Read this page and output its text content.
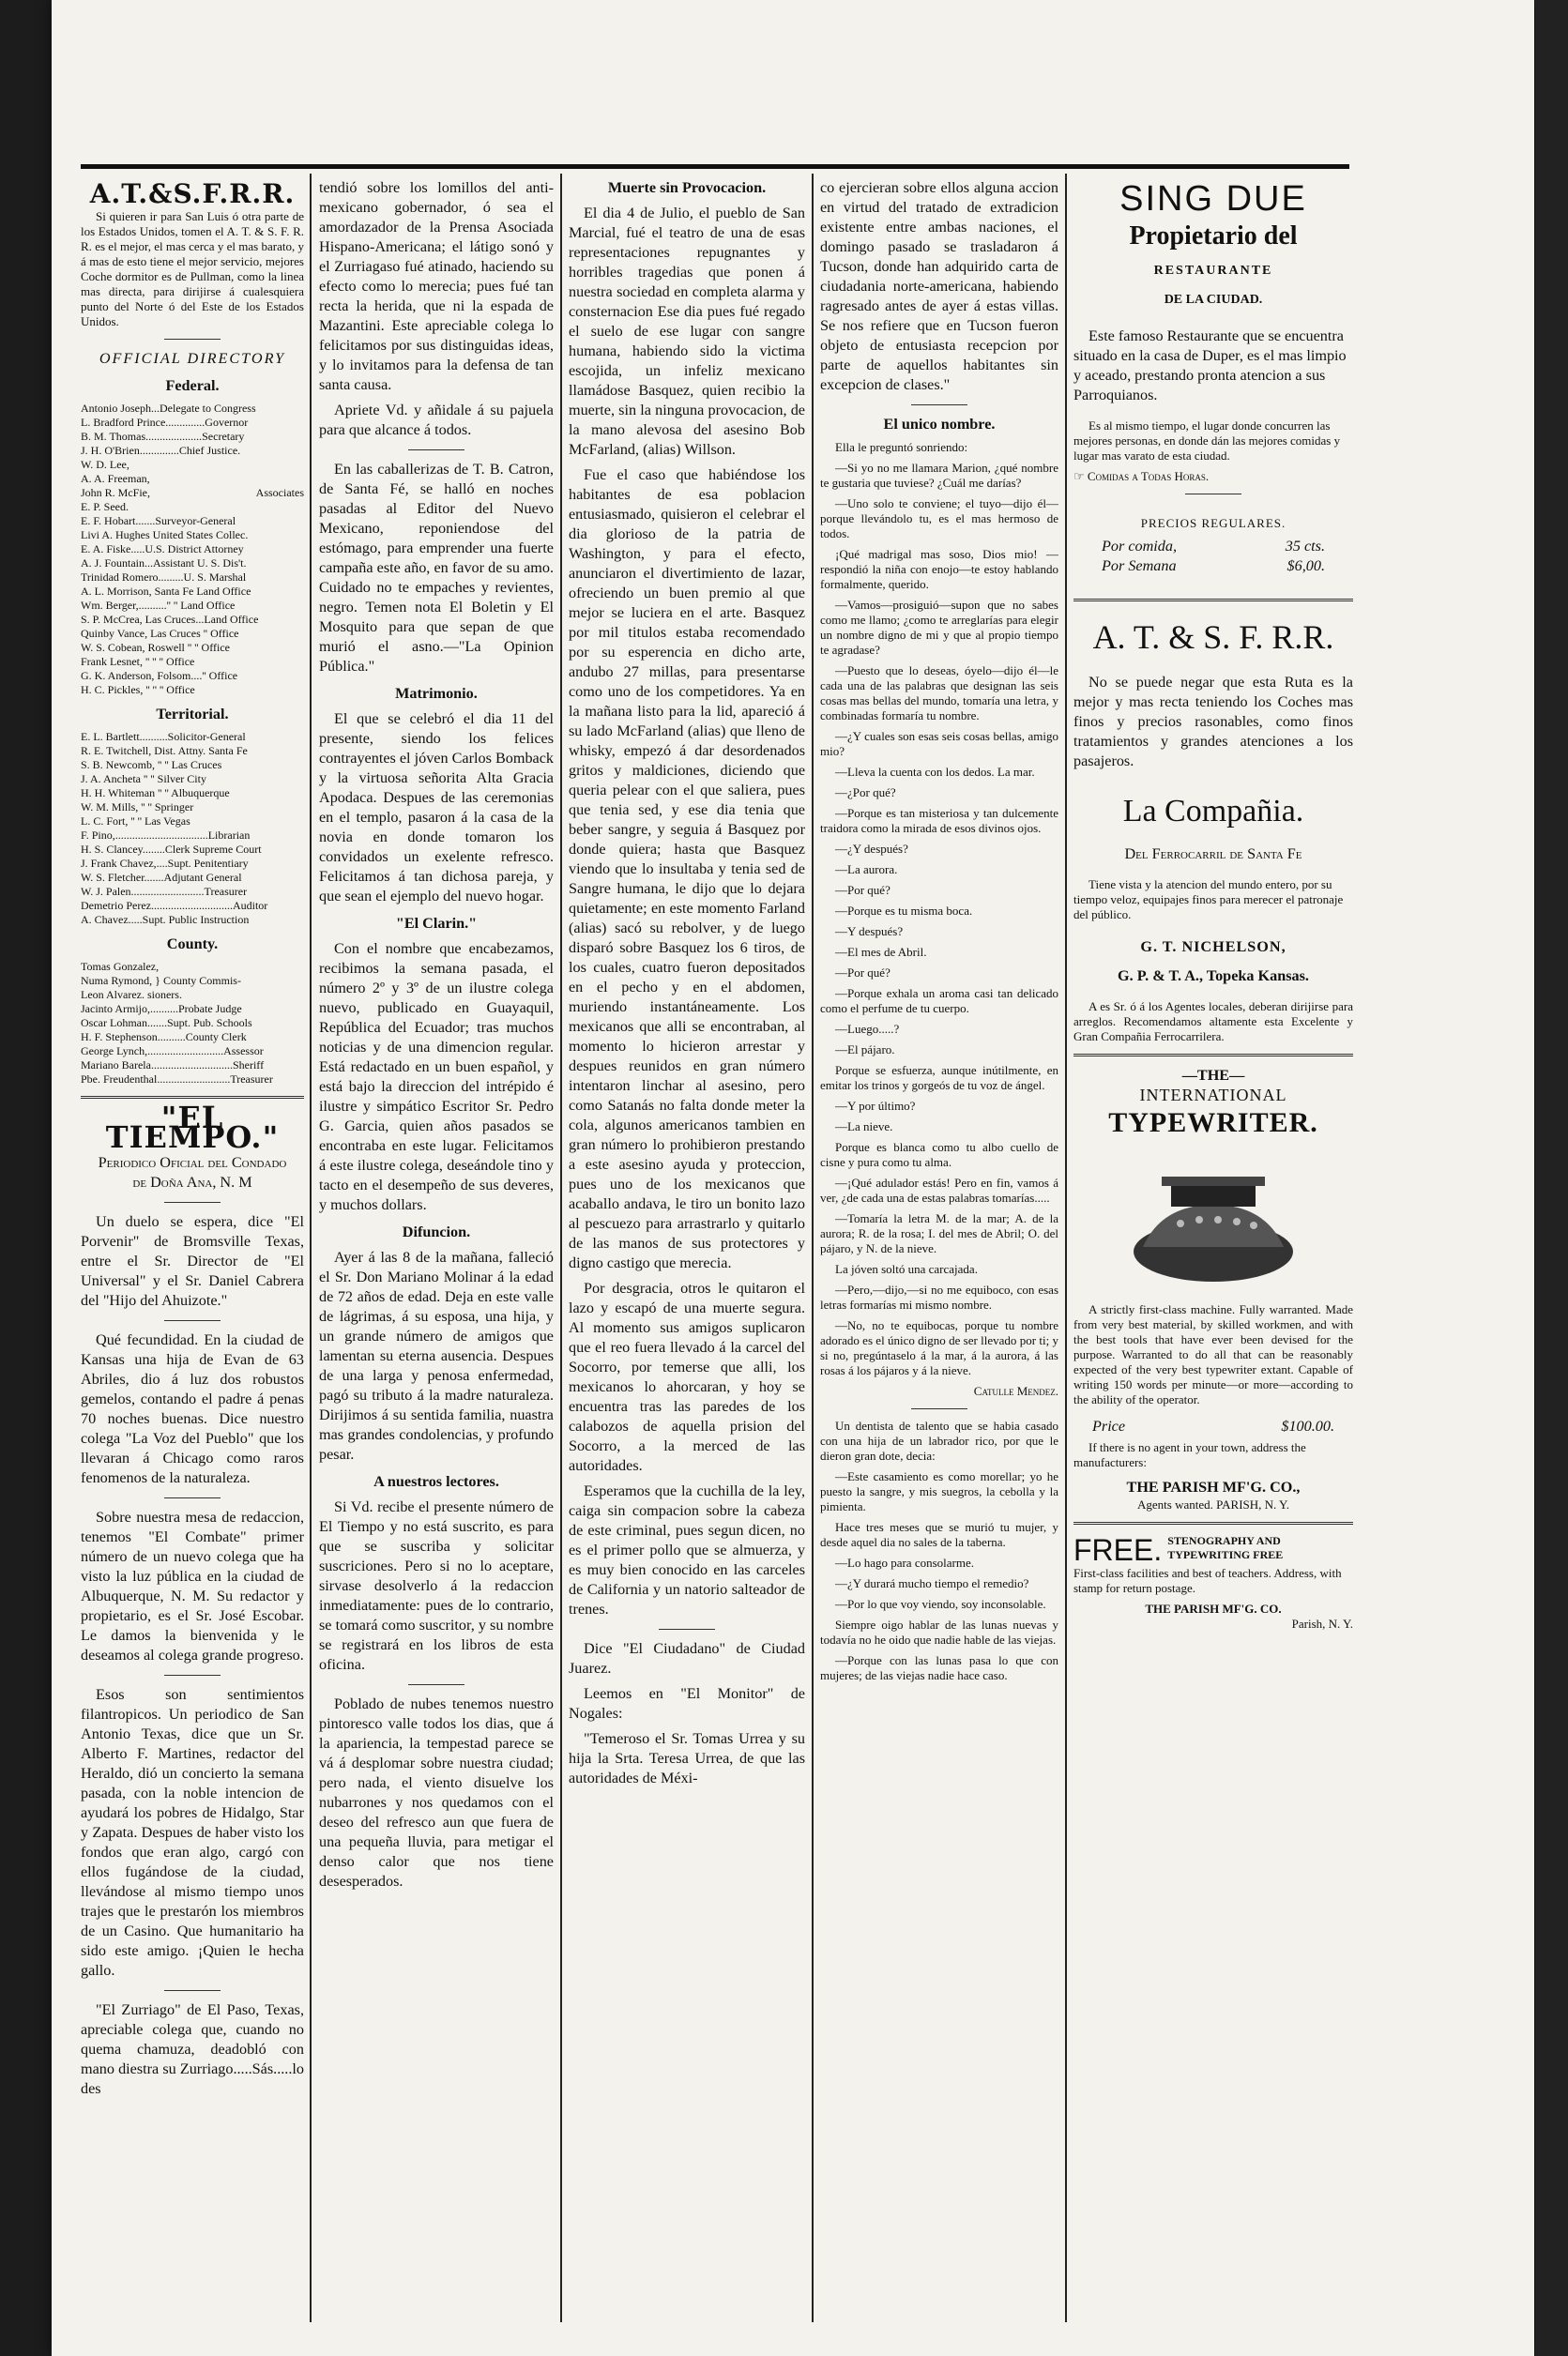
A.T.&S.F.R.R.

Si quieren ir para San Luis ó otra parte de los Estados Unidos, tomen el A. T. & S. F. R. R. es el mejor, el mas cerca y el mas barato, y á mas de esto tiene el mejor servicio, mejores Coche dormitor es de Pullman, como la linea mas directa, para dirijirse á cualesquiera punto del Norte ó del Este de los Estados Unidos.

OFFICIAL DIRECTORY
Federal.
Antonio Joseph...Delegate to Congress
L. Bradford Prince..............Governor
B. M. Thomas....................Secretary
J. H. O'Brien..............Chief Justice.
W. D. Lee,
A. A. Freeman,
John R. McFie,	Associates
E. P. Seed.
E. F. Hobart.......Surveyor-General
Livi A. Hughes United States Collec.
E. A. Fiske.....U.S. District Attorney
A. J. Fountain...Assistant U. S. Dis't.
Trinidad Romero.........U. S. Marshal
A. L. Morrison, Santa Fe Land Office
Wm. Berger,..........'' '' Land Office
S. P. McCrea, Las Cruces...Land Office
Quinby Vance, Las Cruces '' Office
W. S. Cobean, Roswell '' '' Office
Frank Lesnet, '' '' '' Office
G. K. Anderson, Folsom....'' Office
H. C. Pickles, '' '' '' Office
Territorial.
E. L. Bartlett..........Solicitor-General
R. E. Twitchell, Dist. Attny. Santa Fe
S. B. Newcomb, '' '' Las Cruces
J. A. Ancheta '' '' Silver City
H. H. Whiteman '' '' Albuquerque
W. M. Mills, '' '' Springer
L. C. Fort, '' '' Las Vegas
F. Pino,.................................Librarian
H. S. Clancey........Clerk Supreme Court
J. Frank Chavez,....Supt. Penitentiary
W. S. Fletcher.......Adjutant General
W. J. Palen..........................Treasurer
Demetrio Perez.............................Auditor
A. Chavez.....Supt. Public Instruction
County.
Tomas Gonzalez,
Numa Rymond, } County Commis-
Leon Alvarez. sioners.
Jacinto Armijo,..........Probate Judge
Oscar Lohman.......Supt. Pub. Schools
H. F. Stephenson..........County Clerk
George Lynch,...........................Assessor
Mariano Barela.............................Sheriff
Pbe. Freudenthal..........................Treasurer
"EL TIEMPO."
Periodico Oficial del Condado
de Doña Ana, N. M

Un duelo se espera, dice "El Porvenir" de Bromsville Texas, entre el Sr. Director de "El Universal" y el Sr. Daniel Cabrera del "Hijo del Ahuizote."

Qué fecundidad. En la ciudad de Kansas una hija de Evan de 63 Abriles, dio á luz dos robustos gemelos, contando el padre á penas 70 noches buenas. Dice nuestro colega "La Voz del Pueblo" que los llevaran á Chicago como raros fenomenos de la naturaleza.

Sobre nuestra mesa de redaccion, tenemos "El Combate" primer número de un nuevo colega que ha visto la luz pública en la ciudad de Albuquerque, N. M. Su redactor y propietario, es el Sr. José Escobar. Le damos la bienvenida y le deseamos al colega grande progreso.

Esos son sentimientos filantropicos. Un periodico de San Antonio Texas, dice que un Sr. Alberto F. Martines, redactor del Heraldo, dió un concierto la semana pasada, con la noble intencion de ayudará los pobres de Hidalgo, Star y Zapata. Despues de haber visto los fondos que eran algo, cargó con ellos fugándose de la ciudad, llevándose al mismo tiempo unos trajes que le prestarón los miembros de un Casino. Que humanitario ha sido este amigo. ¡Quien le hecha gallo.

"El Zurriago" de El Paso, Texas, apreciable colega que, cuando no quema chamuza, deadobló con mano diestra su Zurriago.....Sás.....lo des

tendió sobre los lomillos del anti-mexicano gobernador, ó sea el amordazador de la Prensa Asociada Hispano-Americana; el látigo sonó y el Zurriagaso fué atinado, haciendo su efecto como lo merecia; pues fué tan recta la herida, que ni la espada de Mazantini. Este apreciable colega lo felicitamos por sus distinguidas ideas, y lo invitamos para la defensa de tan santa causa.

Apriete Vd. y añidale á su pajuela para que alcance á todos.

En las caballerizas de T. B. Catron, de Santa Fé, se halló en noches pasadas al Editor del Nuevo Mexicano, reponiendose del estómago, para emprender una fuerte campaña este año, en favor de su amo. Cuidado no te empaches y revientes, negro. Temen nota El Boletin y El Mosquito para que sepan de que murió el asno.—"La Opinion Pública."

Matrimonio.

El que se celebró el dia 11 del presente, siendo los felices contrayentes el jóven Carlos Bomback y la virtuosa señorita Alta Gracia Apodaca. Despues de las ceremonias en el templo, pasaron á la casa de la novia en donde tomaron los convidados un exelente refresco. Felicitamos á tan dichosa pareja, y que sean el ejemplo del nuevo hogar.

"El Clarin."

Con el nombre que encabezamos, recibimos la semana pasada, el número 2º y 3º de un ilustre colega nuevo, publicado en Guayaquil, República del Ecuador; tras muchos noticias y de una dimencion regular. Está redactado en un buen español, y está bajo la direccion del intrépido é ilustre y simpático Escritor Sr. Pedro G. Garcia, quien años pasados se encontraba en este lugar. Felicitamos á este ilustre colega, deseándole tino y tacto en el desempeño de sus deveres, y muchos dollars.

Difuncion.

Ayer á las 8 de la mañana, falleció el Sr. Don Mariano Molinar á la edad de 72 años de edad. Deja en este valle de lágrimas, á su esposa, una hija, y un grande número de amigos que lamentan su eterna ausencia. Despues de una larga y penosa enfermedad, pagó su tributo á la madre naturaleza. Dirijimos á su sentida familia, nuastra mas grandes condolencias, y profundo pesar.

A nuestros lectores.

Si Vd. recibe el presente número de El Tiempo y no está suscrito, es para que se suscriba y solicitar suscriciones. Pero si no lo aceptare, sirvase desolverlo á la redaccion inmediatamente: pues de lo contrario, se tomará como suscritor, y su nombre se registrará en los libros de esta oficina.

Poblado de nubes tenemos nuestro pintoresco valle todos los dias, que á la apariencia, la tempestad parece se vá á desplomar sobre nuestra ciudad; pero nada, el viento disuelve los nubarrones y nos quedamos con el deseo del refresco aun que fuera de una pequeña lluvia, para metigar el denso calor que nos tiene desesperados.

Muerte sin Provocacion.

El dia 4 de Julio, el pueblo de San Marcial, fué el teatro de una de esas representaciones repugnantes y horribles tragedias que ponen á nuestra sociedad en completa alarma y consternacion Ese dia pues fué regado el suelo de ese lugar con sangre humana, habiendo sido la victima escojida, un infeliz mexicano llamádose Basquez, quien recibio la muerte, sin la ninguna provocacion, de la mano alevosa del asesino Bob McFarland, (alias) Willson.

Fue el caso que habiéndose los habitantes de esa poblacion entusiasmado, quisieron el celebrar el dia glorioso de la patria de Washington, y para el efecto, anunciaron el divertimiento de lazar, ofreciendo un buen premio al que mejor se luciera en el arte. Basquez por mil titulos estaba recomendado por su esperencia en dicho arte, andubo 27 millas, para presentarse como uno de los competidores. Ya en la mañana listo para la lid, apareció á su lado McFarland (alias) que lleno de whisky, empezó á dar desordenados gritos y maldiciones, diciendo que queria pelear con el que saliera, pues que tenia sed, y ese dia tenia que beber sangre, y seguia á Basquez por donde quiera; hasta que Basquez viendo que lo insultaba y tenia sed de Sangre humana, le dijo que lo dejara quietamente; en este momento Farland (alias) sacó su rebolver, y de luego disparó sobre Basquez los 6 tiros, de los cuales, cuatro fueron depositados en el pecho y en el abdomen, muriendo instantáneamente. Los mexicanos que alli se encontraban, al momento lo hicieron arrestar y despues reunidos en gran número intentaron linchar al asesino, pero como Satanás no falta donde meter la cola, algunos americanos tambien en gran número lo prohibieron prestando a este asesino ayuda y proteccion, pues uno de los mexicanos que acaballo andava, le tiro un bonito lazo al pescuezo para arrastrarlo y quitarlo de las manos de sus protectores y digno castigo que merecia.

Por desgracia, otros le quitaron el lazo y escapó de una muerte segura. Al momento sus amigos suplicaron que el reo fuera llevado á la carcel del Socorro, por temerse que alli, los mexicanos lo ahorcaran, y hoy se encuentra tras las paredes de los calabozos de aquella prision del Socorro, a la merced de las autoridades.

Esperamos que la cuchilla de la ley, caiga sin compacion sobre la cabeza de este criminal, pues segun dicen, no es el primer pollo que se almuerza, y es muy bien conocido en las carceles de California y un natorio salteador de trenes.

Dice "El Ciudadano" de Ciudad Juarez.

Leemos en "El Monitor" de Nogales:

"Temeroso el Sr. Tomas Urrea y su hija la Srta. Teresa Urrea, de que las autoridades de Méxi-

co ejercieran sobre ellos alguna accion en virtud del tratado de extradicion existente entre ambas naciones, el domingo pasado se trasladaron á Tucson, donde han adquirido carta de ciudadania norte-americana, habiendo ragresado antes de ayer á estas villas. Se nos refiere que en Tucson fueron objeto de entusiasta recepcion por parte de aquellos habitantes sin excepcion de clases."

El unico nombre.

Ella le preguntó sonriendo:

—Si yo no me llamara Marion, ¿qué nombre te gustaria que tuviese? ¿Cuál me darías?

—Uno solo te conviene; el tuyo—dijo él—porque llevándolo tu, es el mas hermoso de todos.

¡Qué madrigal mas soso, Dios mio! —respondió la niña con enojo—te estoy hablando formalmente, querido.

—Vamos—prosiguió—supon que no sabes como me llamo; ¿como te arreglarías para elegir un nombre digno de mi y que al propio tiempo te agradase?

—Puesto que lo deseas, óyelo—dijo él—le cada una de las palabras que designan las seis cosas mas bellas del mundo, tomaría una letra, y combinadas formaría tu nombre.

—¿Y cuales son esas seis cosas bellas, amigo mio?

—Lleva la cuenta con los dedos. La mar.

—¿Por qué?

—Porque es tan misteriosa y tan dulcemente traidora como la mirada de esos divinos ojos.

—¿Y después?

—La aurora.

—Por qué?

—Porque es tu misma boca.

—Y después?

—El mes de Abril.

—Por qué?

—Porque exhala un aroma casi tan delicado como el perfume de tu cuerpo.

—Luego.....?

—El pájaro.

Porque se esfuerza, aunque inútilmente, en emitar los trinos y gorgeós de tu voz de ángel.

—Y por último?

—La nieve.

Porque es blanca como tu albo cuello de cisne y pura como tu alma.

—¡Qué adulador estás! Pero en fin, vamos á ver, ¿de cada una de estas palabras tomarías.....

—Tomaría la letra M. de la mar; A. de la aurora; R. de la rosa; I. del mes de Abril; O. del pájaro, y N. de la nieve.

La jóven soltó una carcajada.

—Pero,—dijo,—si no me equiboco, con esas letras formarías mi mismo nombre.

—No, no te equibocas, porque tu nombre adorado es el único digno de ser llevado por ti; y si no, pregúntaselo á la mar, á la aurora, á las rosas á los pájaros y á la nieve.

Catulle Mendez.

Un dentista de talento que se habia casado con una hija de un labrador rico, por que le dieron gran dote, decia:

—Este casamiento es como morellar; yo he puesto la sangre, y mis suegros, la cebolla y la pimienta.

Hace tres meses que se murió tu mujer, y desde aquel dia no sales de la taberna.

—Lo hago para consolarme.

—¿Y durará mucho tiempo el remedio?

—Por lo que voy viendo, soy inconsolable.

Siempre oigo hablar de las lunas nuevas y todavía no he oido que nadie hable de las viejas.

—Porque con las lunas pasa lo que con mujeres; de las viejas nadie hace caso.

SING DUE
Propietario del
RESTAURANTE
DE LA CIUDAD.

Este famoso Restaurante que se encuentra situado en la casa de Duper, es el mas limpio y aceado, prestando pronta atencion a sus Parroquianos.

Es al mismo tiempo, el lugar donde concurren las mejores personas, en donde dán las mejores comidas y lugar mas varato de esta ciudad.

☞ Comidas a Todas Horas.
PRECIOS REGULARES.
Por comida,	35 cts.
Por Semana	$6,00.
A. T. & S. F. R.R.

No se puede negar que esta Ruta es la mejor y mas recta teniendo los Coches mas finos y precios rasonables, como finos tratamientos y grandes atenciones a los pasajeros.

La Compañia.
Del Ferrocarril de Santa Fe

Tiene vista y la atencion del mundo entero, por su tiempo veloz, equipajes finos para merecer el patronaje del público.

G. T. NICHELSON,
G. P. & T. A., Topeka Kansas.

A es Sr. ó á los Agentes locales, deberan dirijirse para arreglos. Recomendamos altamente esta Excelente y Gran Compañia Ferrocarrilera.

—THE—
INTERNATIONAL
TYPEWRITER.

A strictly first-class machine. Fully warranted. Made from very best material, by skilled workmen, and with the best tools that have ever been devised for the purpose. Warranted to do all that can be reasonably expected of the very best typewriter extant. Capable of writing 150 words per minute—or more—according to the ability of the operator.

Price	$100.00.

If there is no agent in your town, address the manufacturers:

THE PARISH MF'G. CO.,
Agents wanted. PARISH, N. Y.
FREE. STENOGRAPHY AND TYPEWRITING FREE

First-class facilities and best of teachers. Address, with stamp for return postage.

THE PARISH MF'G. CO.
Parish, N. Y.
